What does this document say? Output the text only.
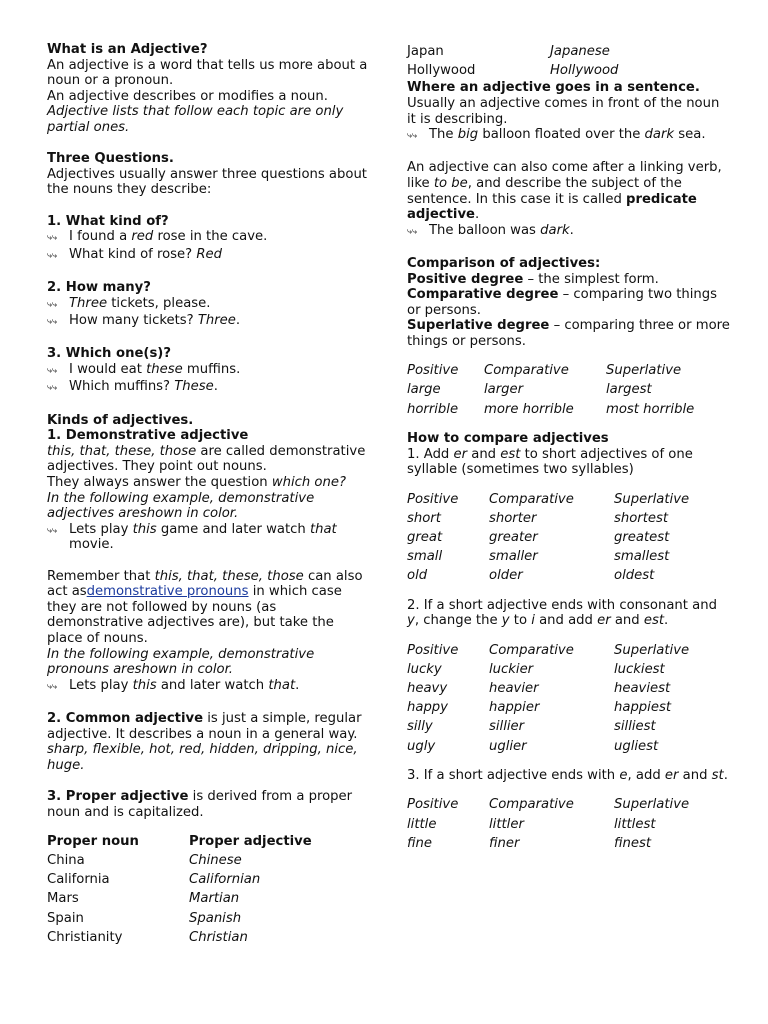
What is an Adjective?

An adjective is a word that tells us more about a noun or a pronoun.

An adjective describes or modifies a noun.

Adjective lists that follow each topic are only partial ones.

Three Questions.

Adjectives usually answer three questions about the nouns they describe:

1. What kind of?

⤷⤷ I found a red rose in the cave.
⤷⤷ What kind of rose? Red

2. How many?

⤷⤷ Three tickets, please.
⤷⤷ How many tickets? Three.

3. Which one(s)?

⤷⤷ I would eat these muffins.
⤷⤷ Which muffins? These.

Kinds of adjectives.

1. Demonstrative adjective

this, that, these, those are called demonstrative adjectives. They point out nouns.

They always answer the question which one?

In the following example, demonstrative adjectives areshown in color.

⤷⤷ Lets play this game and later watch that movie.

Remember that this, that, these, those can also act asdemonstrative pronouns in which case they are not followed by nouns (as demonstrative adjectives are), but take the place of nouns.

In the following example, demonstrative pronouns areshown in color.

⤷⤷ Lets play this and later watch that.

2. Common adjective is just a simple, regular adjective. It describes a noun in a general way.

sharp, flexible, hot, red, hidden, dripping, nice, huge.

3. Proper adjective is derived from a proper noun and is capitalized.

Proper noun	Proper adjective
China	Chinese
California	Californian
Mars	Martian
Spain	Spanish
Christianity	Christian
Japan	Japanese
Hollywood	Hollywood

Where an adjective goes in a sentence.

Usually an adjective comes in front of the noun it is describing.

⤷⤷ The big balloon floated over the dark sea.

An adjective can also come after a linking verb, like to be, and describe the subject of the sentence. In this case it is called predicate adjective.

⤷⤷ The balloon was dark.

Comparison of adjectives:

Positive degree – the simplest form.

Comparative degree – comparing two things or persons.

Superlative degree – comparing three or more things or persons.

Positive	Comparative	Superlative
large	larger	largest
horrible	more horrible	most horrible

How to compare adjectives

1. Add er and est to short adjectives of one syllable (sometimes two syllables)

Positive	Comparative	Superlative
short	shorter	shortest
great	greater	greatest
small	smaller	smallest
old	older	oldest

2. If a short adjective ends with consonant and y, change the y to i and add er and est.

Positive	Comparative	Superlative
lucky	luckier	luckiest
heavy	heavier	heaviest
happy	happier	happiest
silly	sillier	silliest
ugly	uglier	ugliest

3. If a short adjective ends with e, add er and st.

Positive	Comparative	Superlative
little	littler	littlest
fine	finer	finest
